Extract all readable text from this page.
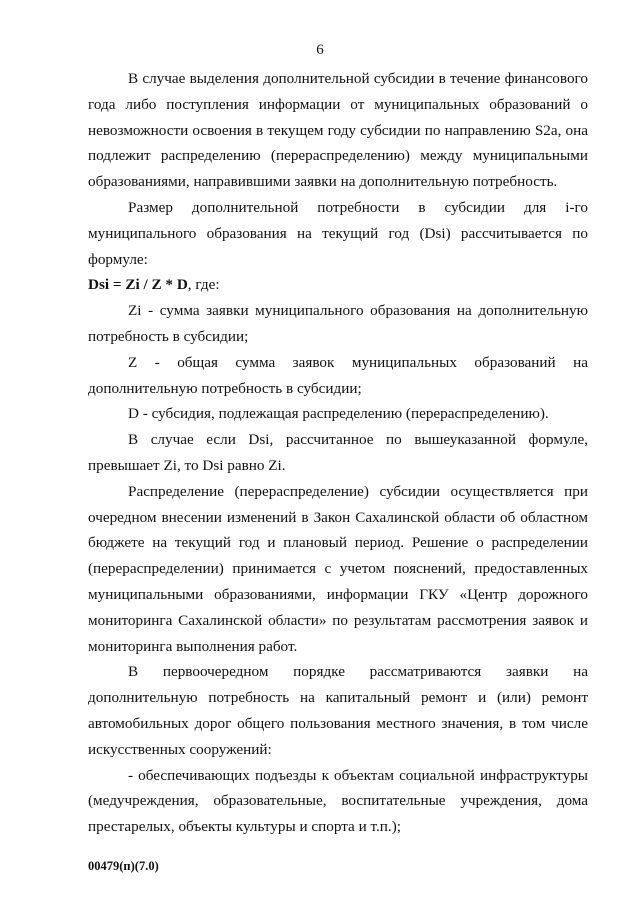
6

В случае выделения дополнительной субсидии в течение финансового года либо поступления информации от муниципальных образований о невозможности освоения в текущем году субсидии по направлению S2a, она подлежит распределению (перераспределению) между муниципальными образованиями, направившими заявки на дополнительную потребность.

Размер дополнительной потребности в субсидии для i-го муниципального образования на текущий год (Dsi) рассчитывается по формуле:

Dsi = Zi / Z * D, где:

Zi - сумма заявки муниципального образования на дополнительную потребность в субсидии;

Z - общая сумма заявок муниципальных образований на дополнительную потребность в субсидии;

D - субсидия, подлежащая распределению (перераспределению).

В случае если Dsi, рассчитанное по вышеуказанной формуле, превышает Zi, то Dsi равно Zi.

Распределение (перераспределение) субсидии осуществляется при очередном внесении изменений в Закон Сахалинской области об областном бюджете на текущий год и плановый период. Решение о распределении (перераспределении) принимается с учетом пояснений, предоставленных муниципальными образованиями, информации ГКУ «Центр дорожного мониторинга Сахалинской области» по результатам рассмотрения заявок и мониторинга выполнения работ.

В первоочередном порядке рассматриваются заявки на дополнительную потребность на капитальный ремонт и (или) ремонт автомобильных дорог общего пользования местного значения, в том числе искусственных сооружений:

- обеспечивающих подъезды к объектам социальной инфраструктуры (медучреждения, образовательные, воспитательные учреждения, дома престарелых, объекты культуры и спорта и т.п.);

00479(п)(7.0)
